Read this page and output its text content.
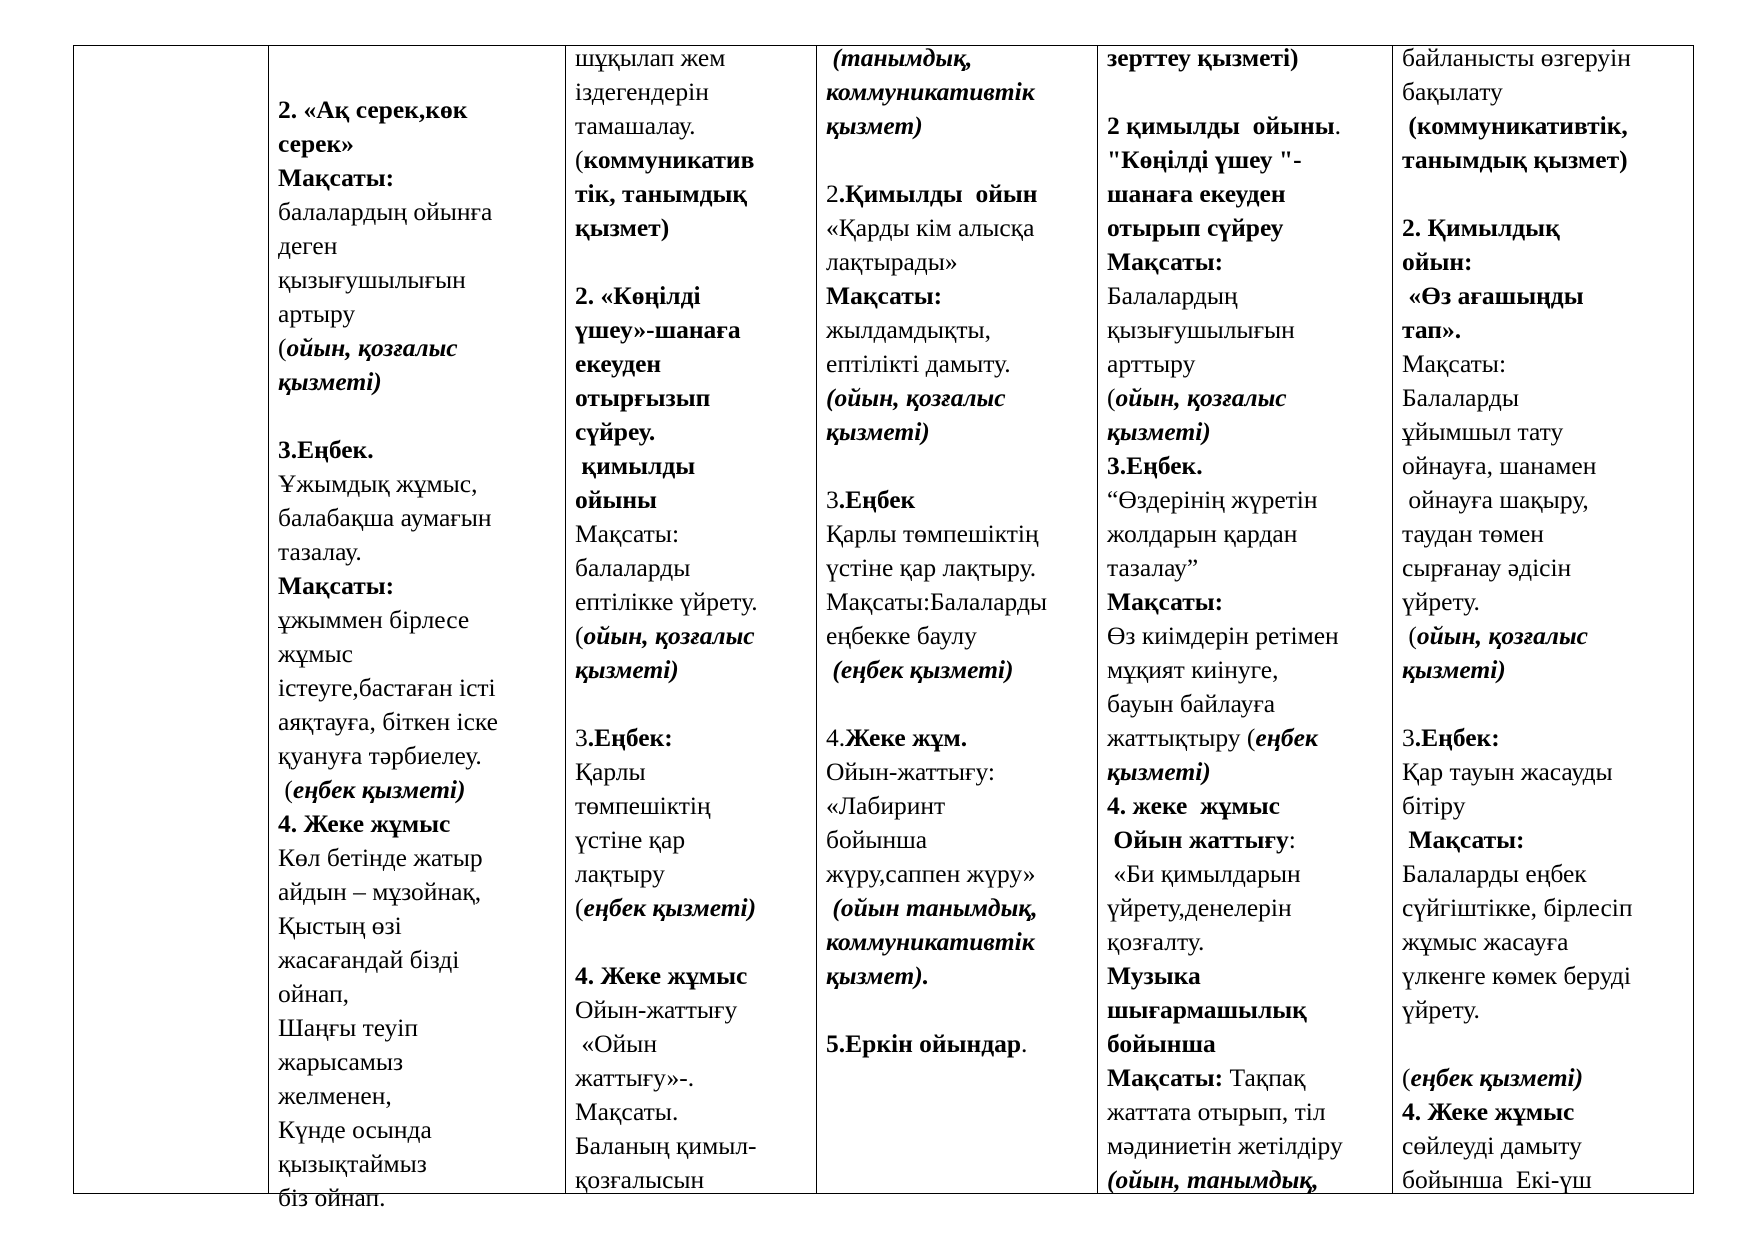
2. «Ақ серек,көк
серек»
Мақсаты:
балалардың ойынға
деген
қызығушылығын
артыру
(ойын, қозғалыс
қызметі)
3.Еңбек.
Ұжымдық жұмыс,
балабақша аумағын
тазалау.
Мақсаты:
ұжыммен бірлесе
жұмыс
істеуге,бастаған істі
аяқтауға, біткен іске
қуануға тәрбиелеу.
(еңбек қызметі)
4. Жеке жұмыс
Көл бетінде жатыр
айдын – мұзойнақ,
Қыстың өзі
жасағандай бізді
ойнап,
Шаңғы теуіп
жарысамыз
желменен,
Күнде осында
қызықтаймыз
біз ойнап.
шұқылап жем
іздегендерін
тамашалау.
(коммуникатив
тік, танымдық
қызмет)
2. «Көңілді
үшеу»-шанаға
екеуден
отырғызып
сүйреу.
қимылды
ойыны
Мақсаты:
балаларды
ептілікке үйрету.
(ойын, қозғалыс
қызметі)
3.Еңбек:
Қарлы
төмпешіктің
үстіне қар
лақтыру
(еңбек қызметі)
4. Жеке жұмыс
Ойын-жаттығу
«Ойын
жаттығу»-.
Мақсаты.
Баланың қимыл-
қозғалысын
(танымдық,
коммуникативтік
қызмет)
2.Қимылды  ойын
«Қарды кім алысқа
лақтырады»
Мақсаты:
жылдамдықты,
ептілікті дамыту.
(ойын, қозғалыс
қызметі)
3.Еңбек
Қарлы төмпешіктің
үстіне қар лақтыру.
Мақсаты:Балаларды
еңбекке баулу
(еңбек қызметі)
4.Жеке жұм.
Ойын-жаттығу:
«Лабиринт
бойынша
жүру,саппен жүру»
(ойын танымдық,
коммуникативтік
қызмет).
5.Еркін ойындар.
зерттеу қызметі)
2 қимылды  ойыны.
"Көңілді үшеу "-
шанаға екеуден
отырып сүйреу
Мақсаты:
Балалардың
қызығушылығын
арттыру
(ойын, қозғалыс
қызметі)
3.Еңбек.
“Өздерінің жүретін
жолдарын қардан
тазалау”
Мақсаты:
Өз киімдерін ретімен
мұқият киінуге,
бауын байлауға
жаттықтыру (еңбек
қызметі)
4. жеке  жұмыс
Ойын жаттығу:
«Би қимылдарын
үйрету,денелерін
қозғалту.
Музыка
шығармашылық
бойынша
Мақсаты: Тақпақ
жаттата отырып, тіл
мәдиниетін жетілдіру
(ойын, танымдық,
байланысты өзгеруін
бақылату
(коммуникативтік,
танымдық қызмет)
2. Қимылдық
ойын:
«Өз ағашыңды
тап».
Мақсаты:
Балаларды
ұйымшыл тату
ойнауға, шанамен
ойнауға шақыру,
таудан төмен
сырғанау әдісін
үйрету.
(ойын, қозғалыс
қызметі)
3.Еңбек:
Қар тауын жасауды
бітіру
Мақсаты:
Балаларды еңбек
сүйгіштікке, бірлесіп
жұмыс жасауға
үлкенге көмек беруді
үйрету.
(еңбек қызметі)
4. Жеке жұмыс
сөйлеуді дамыту
бойынша  Екі-үш
